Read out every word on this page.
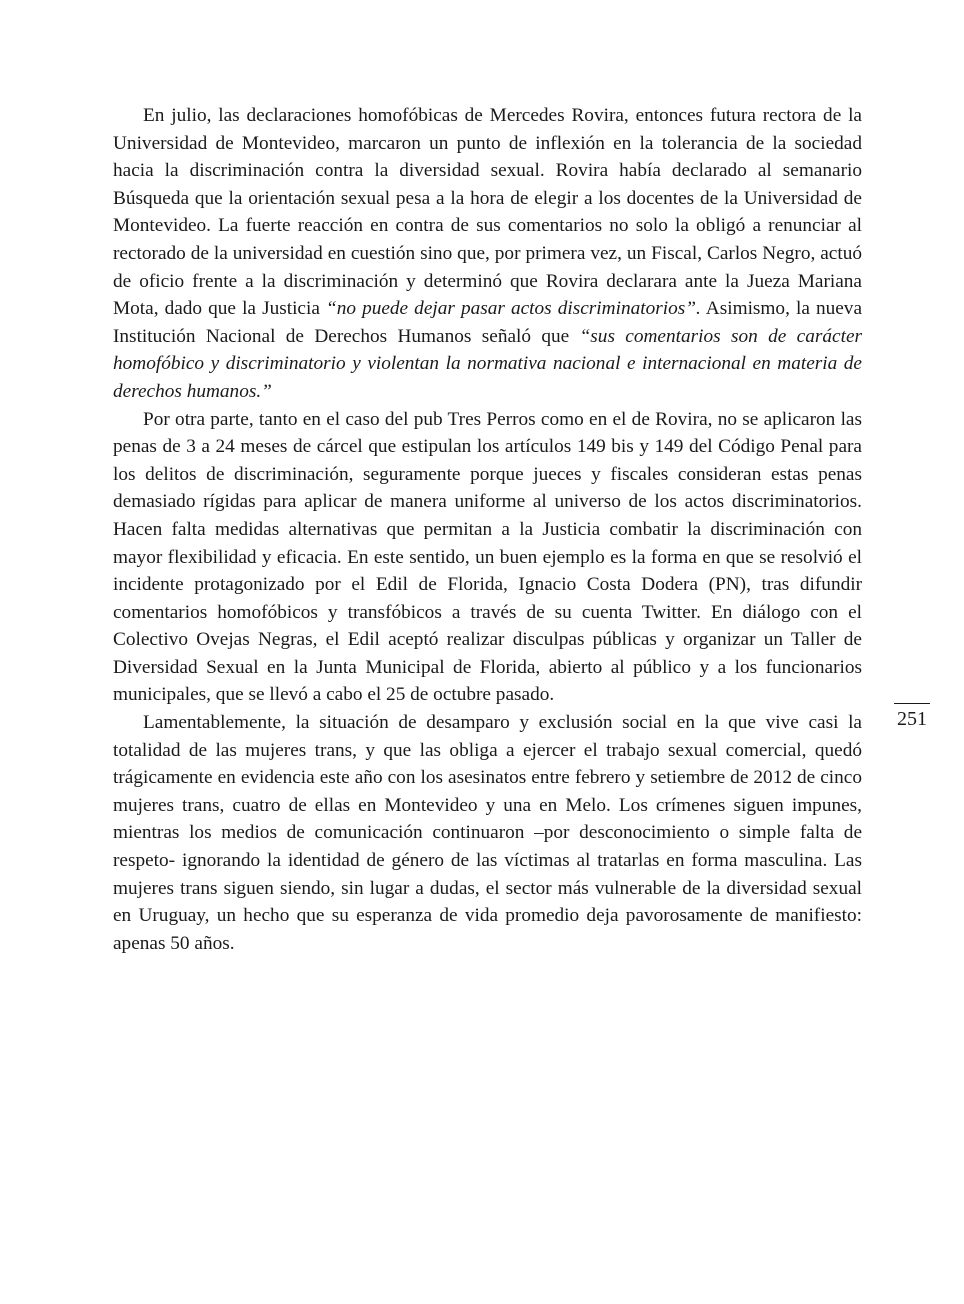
En julio, las declaraciones homofóbicas de Mercedes Rovira, entonces futura rectora de la Universidad de Montevideo, marcaron un punto de inflexión en la tolerancia de la sociedad hacia la discriminación contra la diversidad sexual. Rovira había declarado al semanario Búsqueda que la orientación sexual pesa a la hora de elegir a los docentes de la Universidad de Montevideo. La fuerte reacción en contra de sus comentarios no solo la obligó a renunciar al rectorado de la universidad en cuestión sino que, por primera vez, un Fiscal, Carlos Negro, actuó de oficio frente a la discriminación y determinó que Rovira declarara ante la Jueza Mariana Mota, dado que la Justicia “no puede dejar pasar actos discriminatorios”. Asimismo, la nueva Institución Nacional de Derechos Humanos señaló que “sus comentarios son de carácter homofóbico y discriminatorio y violentan la normativa nacional e internacional en materia de derechos humanos.”

Por otra parte, tanto en el caso del pub Tres Perros como en el de Rovira, no se aplicaron las penas de 3 a 24 meses de cárcel que estipulan los artículos 149 bis y 149 del Código Penal para los delitos de discriminación, seguramente porque jueces y fiscales consideran estas penas demasiado rígidas para aplicar de manera uniforme al universo de los actos discriminatorios. Hacen falta medidas alternativas que permitan a la Justicia combatir la discriminación con mayor flexibilidad y eficacia. En este sentido, un buen ejemplo es la forma en que se resolvió el incidente protagonizado por el Edil de Florida, Ignacio Costa Dodera (PN), tras difundir comentarios homofóbicos y transfóbicos a través de su cuenta Twitter. En diálogo con el Colectivo Ovejas Negras, el Edil aceptó realizar disculpas públicas y organizar un Taller de Diversidad Sexual en la Junta Municipal de Florida, abierto al público y a los funcionarios municipales, que se llevó a cabo el 25 de octubre pasado.

Lamentablemente, la situación de desamparo y exclusión social en la que vive casi la totalidad de las mujeres trans, y que las obliga a ejercer el trabajo sexual comercial, quedó trágicamente en evidencia este año con los asesinatos entre febrero y setiembre de 2012 de cinco mujeres trans, cuatro de ellas en Montevideo y una en Melo. Los crímenes siguen impunes, mientras los medios de comunicación continuaron –por desconocimiento o simple falta de respeto- ignorando la identidad de género de las víctimas al tratarlas en forma masculina. Las mujeres trans siguen siendo, sin lugar a dudas, el sector más vulnerable de la diversidad sexual en Uruguay, un hecho que su esperanza de vida promedio deja pavorosamente de manifiesto: apenas 50 años.

251
